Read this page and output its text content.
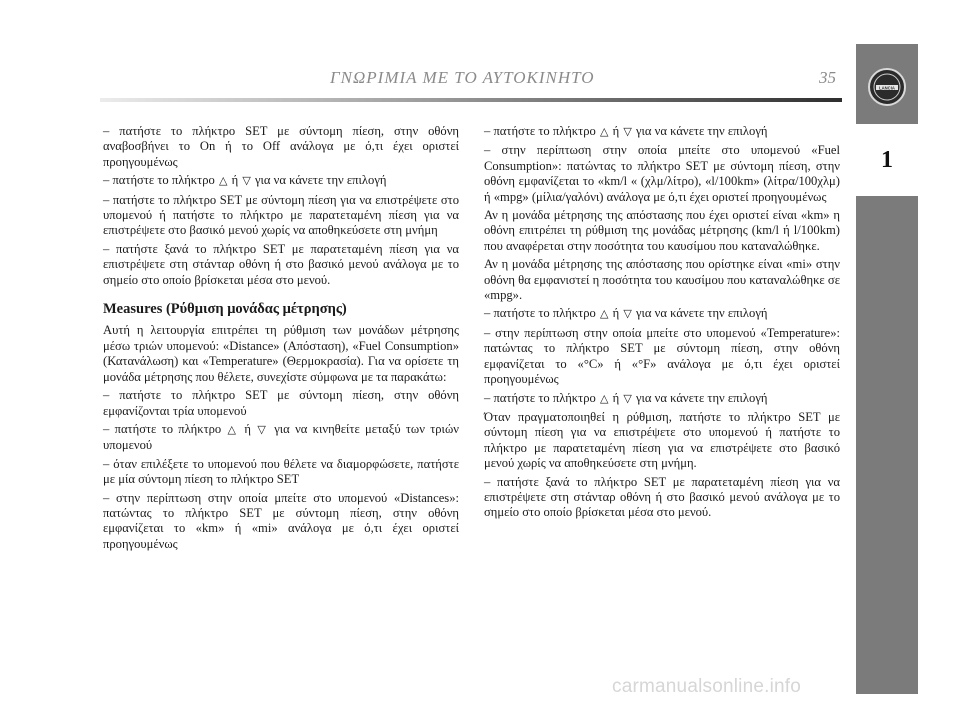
ΓΝΩΡΙΜΙΑ ΜΕ ΤΟ ΑΥΤΟΚΙΝΗΤΟ	35
LANCIA
1

– πατήστε το πλήκτρο SET με σύντομη πίεση, στην οθόνη αναβοσβήνει το On ή το Off ανάλογα με ό,τι έχει οριστεί προηγουμένως

– πατήστε το πλήκτρο △ ή ▽ για να κάνετε την επιλογή

– πατήστε το πλήκτρο SET με σύντομη πίεση για να επιστρέψετε στο υπομενού ή πατήστε το πλήκτρο με παρατεταμένη πίεση για να επιστρέψετε στο βασικό μενού χωρίς να αποθηκεύσετε στη μνήμη

– πατήστε ξανά το πλήκτρο SET με παρατεταμένη πίεση για να επιστρέψετε στη στάνταρ οθόνη ή στο βασικό μενού ανάλογα με το σημείο στο οποίο βρίσκεται μέσα στο μενού.

Measures (Ρύθμιση μονάδας μέτρησης)

Αυτή η λειτουργία επιτρέπει τη ρύθμιση των μονάδων μέτρησης μέσω τριών υπομενού: «Distance» (Απόσταση), «Fuel Consumption» (Κατανάλωση) και «Temperature» (Θερμοκρασία). Για να ορίσετε τη μονάδα μέτρησης που θέλετε, συνεχίστε σύμφωνα με τα παρακάτω:

– πατήστε το πλήκτρο SET με σύντομη πίεση, στην οθόνη εμφανίζονται τρία υπομενού

– πατήστε το πλήκτρο △ ή ▽ για να κινηθείτε μεταξύ των τριών υπομενού

– όταν επιλέξετε το υπομενού που θέλετε να διαμορφώσετε, πατήστε με μία σύντομη πίεση το πλήκτρο SET

– στην περίπτωση στην οποία μπείτε στο υπομενού «Distances»: πατώντας το πλήκτρο SET με σύντομη πίεση, στην οθόνη εμφανίζεται το «km» ή «mi» ανάλογα με ό,τι έχει οριστεί προηγουμένως

– πατήστε το πλήκτρο △ ή ▽ για να κάνετε την επιλογή

– στην περίπτωση στην οποία μπείτε στο υπομενού «Fuel Consumption»: πατώντας το πλήκτρο SET με σύντομη πίεση, στην οθόνη εμφανίζεται το «km/l « (χλμ/λίτρο), «l/100km» (λίτρα/100χλμ) ή «mpg» (μίλια/γαλόνι) ανάλογα με ό,τι έχει οριστεί προηγουμένως

Αν η μονάδα μέτρησης της απόστασης που έχει οριστεί είναι «km» η οθόνη επιτρέπει τη ρύθμιση της μονάδας μέτρησης (km/l ή l/100km) που αναφέρεται στην ποσότητα του καυσίμου που καταναλώθηκε.

Αν η μονάδα μέτρησης της απόστασης που ορίστηκε είναι «mi» στην οθόνη θα εμφανιστεί η ποσότητα του καυσίμου που καταναλώθηκε σε «mpg».

– πατήστε το πλήκτρο △ ή ▽ για να κάνετε την επιλογή

– στην περίπτωση στην οποία μπείτε στο υπομενού «Temperature»: πατώντας το πλήκτρο SET με σύντομη πίεση, στην οθόνη εμφανίζεται το «°C» ή «°F» ανάλογα με ό,τι έχει οριστεί προηγουμένως

– πατήστε το πλήκτρο △ ή ▽ για να κάνετε την επιλογή

Όταν πραγματοποιηθεί η ρύθμιση, πατήστε το πλήκτρο SET με σύντομη πίεση για να επιστρέψετε στο υπομενού ή πατήστε το πλήκτρο με παρατεταμένη πίεση για να επιστρέψετε στο βασικό μενού χωρίς να αποθηκεύσετε στη μνήμη.

– πατήστε ξανά το πλήκτρο SET με παρατεταμένη πίεση για να επιστρέψετε στη στάνταρ οθόνη ή στο βασικό μενού ανάλογα με το σημείο στο οποίο βρίσκεται μέσα στο μενού.

carmanualsonline.info
